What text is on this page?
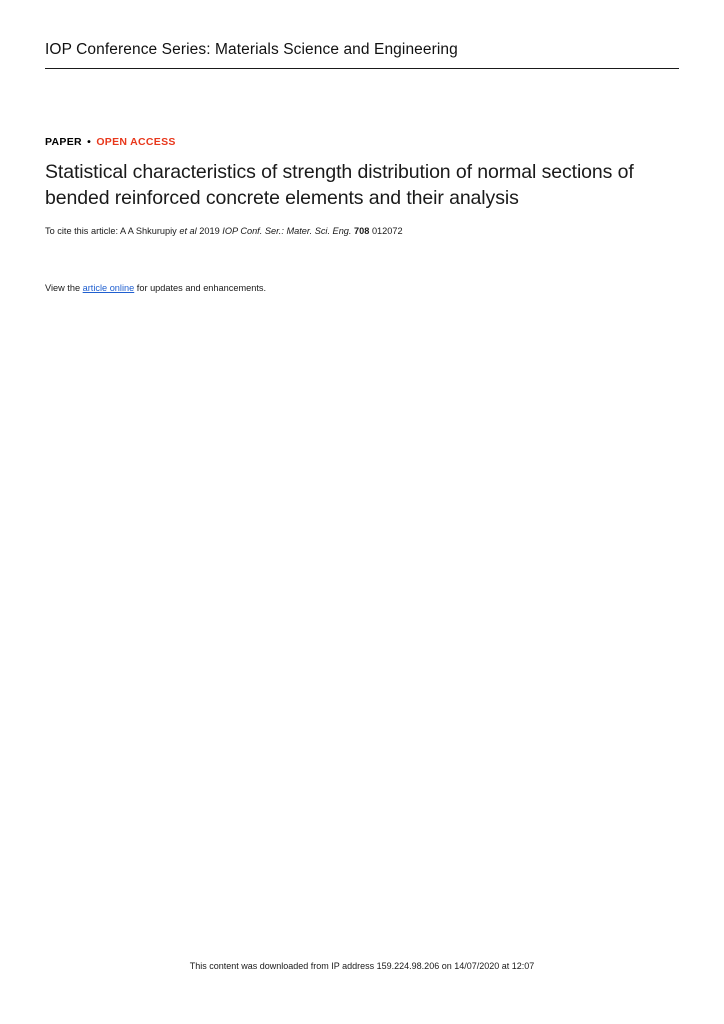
IOP Conference Series: Materials Science and Engineering
PAPER • OPEN ACCESS
Statistical characteristics of strength distribution of normal sections of bended reinforced concrete elements and their analysis
To cite this article: A A Shkurupiy et al 2019 IOP Conf. Ser.: Mater. Sci. Eng. 708 012072
View the article online for updates and enhancements.
This content was downloaded from IP address 159.224.98.206 on 14/07/2020 at 12:07
